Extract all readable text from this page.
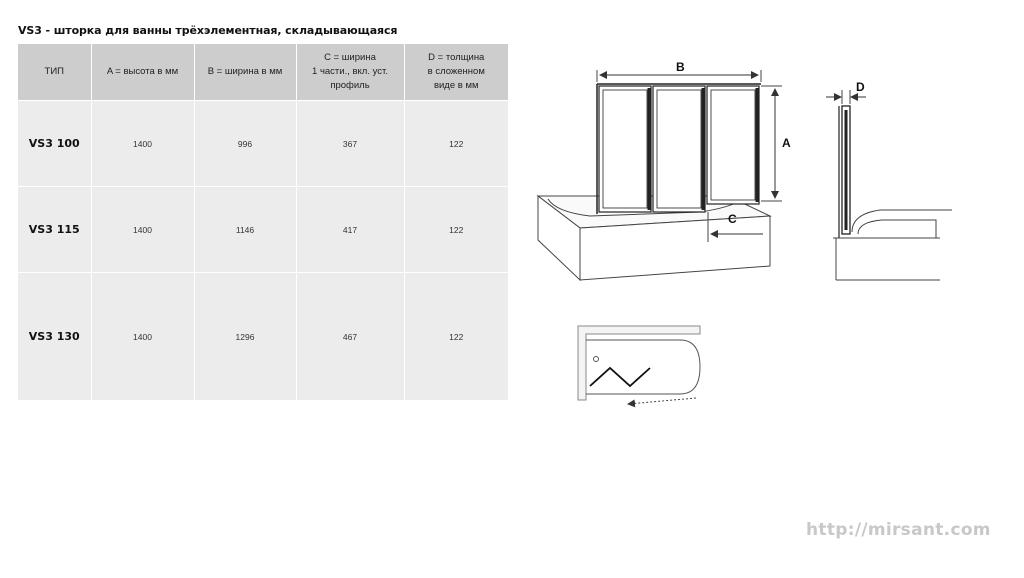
VS3 - шторка для ванны трёхэлементная, складывающаяся
ТИП	A = высота в мм	B = ширина в мм	C = ширина
1 части., вкл. уст.
профиль	D = толщина
в сложенном
виде в мм
VS3 100	1400	996	367	122
VS3 115	1400	1146	417	122
VS3 130	1400	1296	467	122
B
A
C
D
http://mirsant.com
